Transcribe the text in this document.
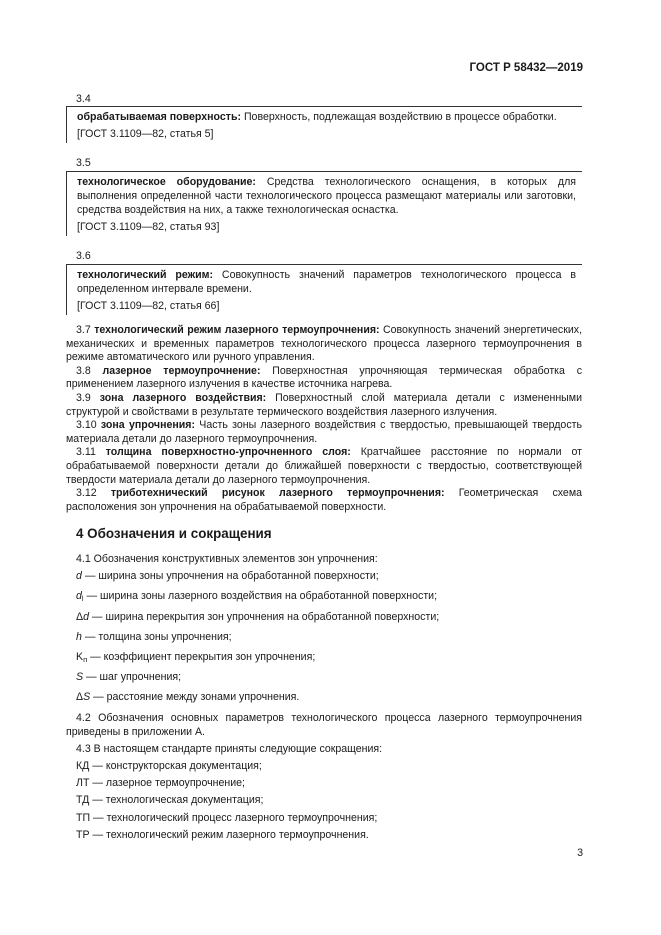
ГОСТ Р 58432—2019
3.4

обрабатываемая поверхность: Поверхность, подлежащая воздействию в процессе обработки.

[ГОСТ 3.1109—82, статья 5]

3.5

технологическое оборудование: Средства технологического оснащения, в которых для выполнения определенной части технологического процесса размещают материалы или заготовки, средства воздействия на них, а также технологическая оснастка.

[ГОСТ 3.1109—82, статья 93]

3.6

технологический режим: Совокупность значений параметров технологического процесса в определенном интервале времени.

[ГОСТ 3.1109—82, статья 66]

3.7 технологический режим лазерного термоупрочнения: Совокупность значений энергетических, механических и временных параметров технологического процесса лазерного термоупрочнения в режиме автоматического или ручного управления.

3.8 лазерное термоупрочнение: Поверхностная упрочняющая термическая обработка с применением лазерного излучения в качестве источника нагрева.

3.9 зона лазерного воздействия: Поверхностный слой материала детали с измененными структурой и свойствами в результате термического воздействия лазерного излучения.

3.10 зона упрочнения: Часть зоны лазерного воздействия с твердостью, превышающей твердость материала детали до лазерного термоупрочнения.

3.11 толщина поверхностно-упрочненного слоя: Кратчайшее расстояние по нормали от обрабатываемой поверхности детали до ближайшей поверхности с твердостью, соответствующей твердости материала детали до лазерного термоупрочнения.

3.12 триботехнический рисунок лазерного термоупрочнения: Геометрическая схема расположения зон упрочнения на обрабатываемой поверхности.

4 Обозначения и сокращения

4.1 Обозначения конструктивных элементов зон упрочнения:

d — ширина зоны упрочнения на обработанной поверхности;

$d_l$ — ширина зоны лазерного воздействия на обработанной поверхности;

Δd — ширина перекрытия зон упрочнения на обработанной поверхности;

h — толщина зоны упрочнения;

$K_п$ — коэффициент перекрытия зон упрочнения;

S — шаг упрочнения;

ΔS — расстояние между зонами упрочнения.

4.2 Обозначения основных параметров технологического процесса лазерного термоупрочнения приведены в приложении А.

4.3 В настоящем стандарте приняты следующие сокращения:

КД — конструкторская документация;

ЛТ — лазерное термоупрочнение;

ТД — технологическая документация;

ТП — технологический процесс лазерного термоупрочнения;

ТР — технологический режим лазерного термоупрочнения.

3
